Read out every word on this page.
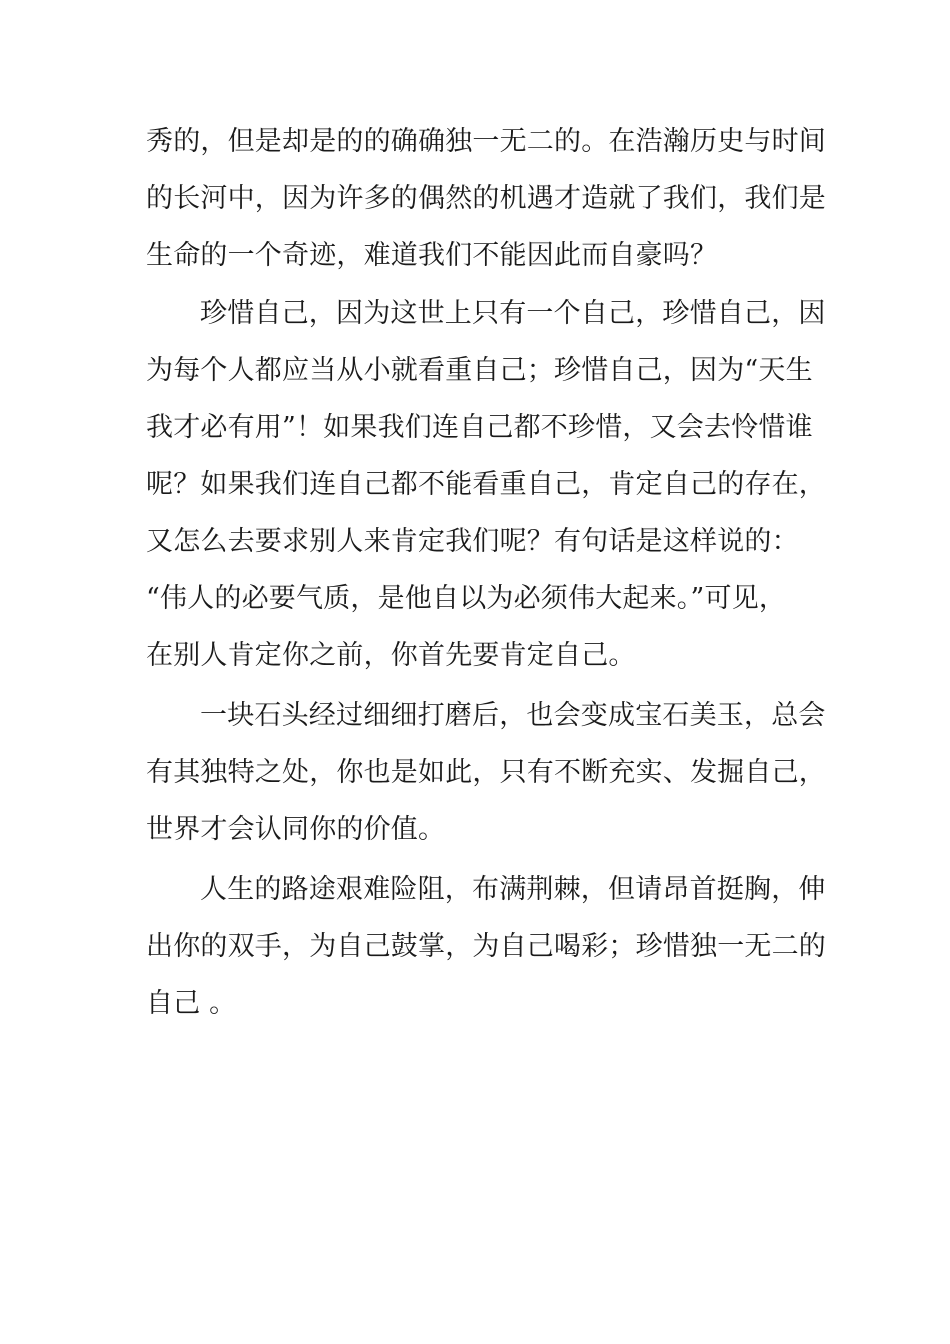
秀的，但是却是的的确确独一无二的。在浩瀚历史与时间
的长河中，因为许多的偶然的机遇才造就了我们，我们是
生命的一个奇迹，难道我们不能因此而自豪吗？
珍惜自己，因为这世上只有一个自己，珍惜自己，因
为每个人都应当从小就看重自己；珍惜自己，因为“天生
我才必有用”！如果我们连自己都不珍惜，又会去怜惜谁
呢？如果我们连自己都不能看重自己，肯定自己的存在，
又怎么去要求别人来肯定我们呢？有句话是这样说的：
“伟人的必要气质，是他自以为必须伟大起来。”可见，
在别人肯定你之前，你首先要肯定自己。
一块石头经过细细打磨后，也会变成宝石美玉，总会
有其独特之处，你也是如此，只有不断充实、发掘自己，
世界才会认同你的价值。
人生的路途艰难险阻，布满荆棘，但请昂首挺胸，伸
出你的双手，为自己鼓掌，为自己喝彩；珍惜独一无二的
自己 。
